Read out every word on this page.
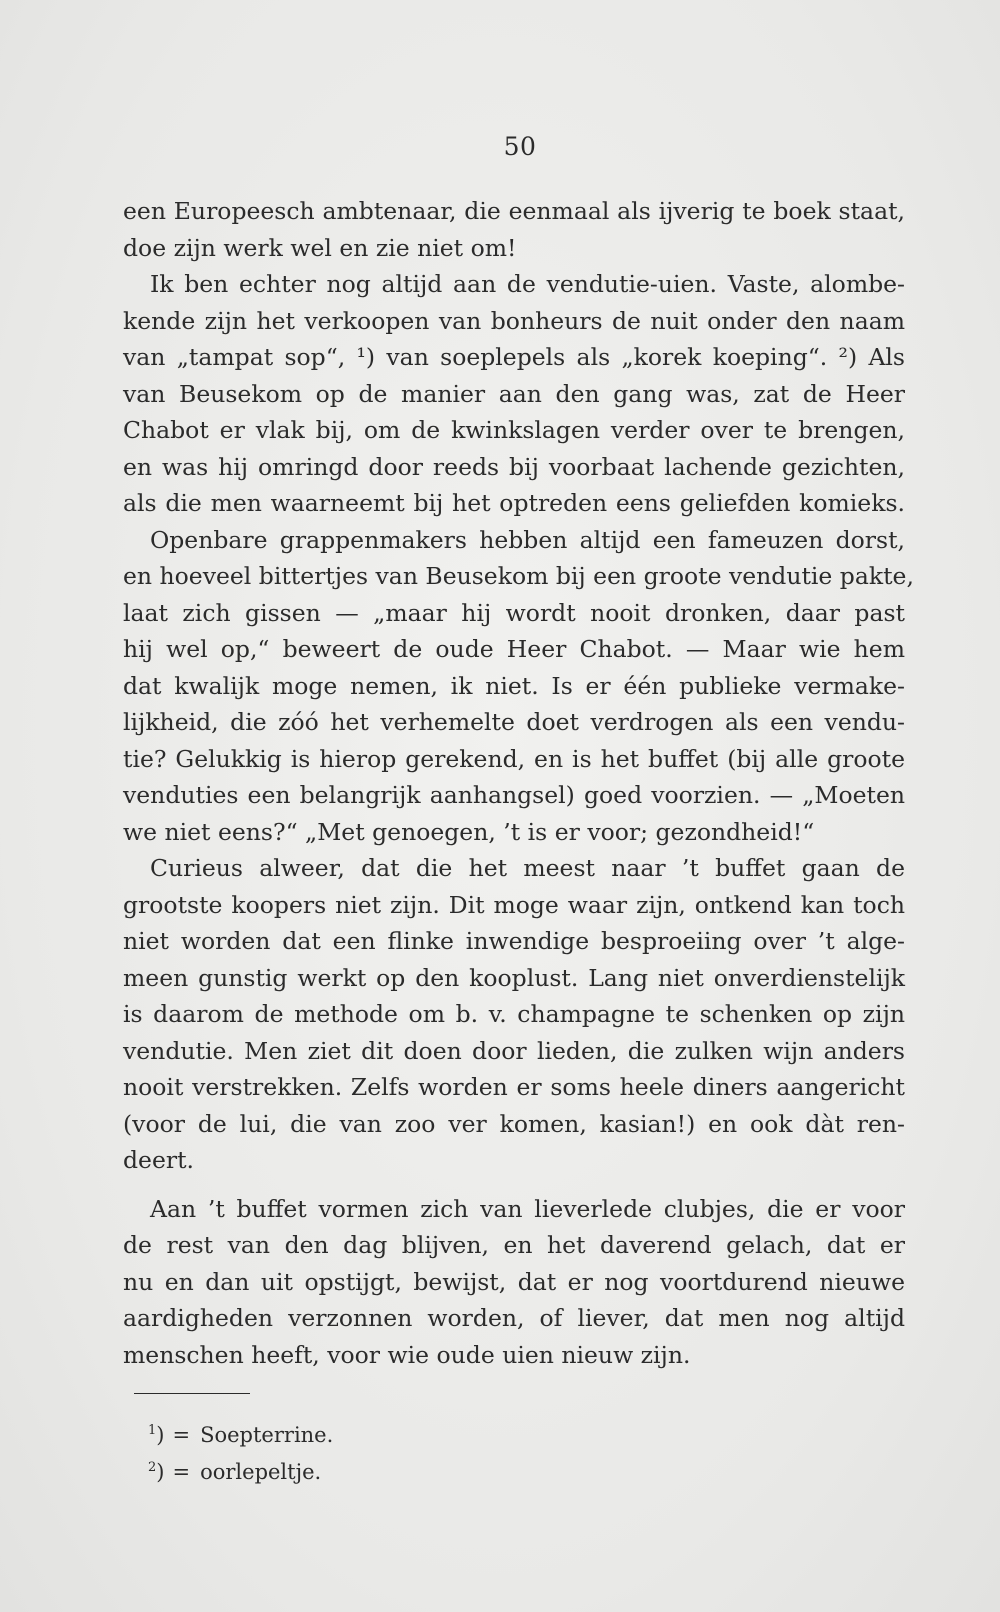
50
een Europeesch ambtenaar, die eenmaal als ijverig te boek staat,
doe zijn werk wel en zie niet om!
Ik ben echter nog altijd aan de vendutie-uien. Vaste, alombe-
kende zijn het verkoopen van bonheurs de nuit onder den naam
van „tampat sop“, ¹) van soeplepels als „korek koeping“. ²) Als
van Beusekom op de manier aan den gang was, zat de Heer
Chabot er vlak bij, om de kwinkslagen verder over te brengen,
en was hij omringd door reeds bij voorbaat lachende gezichten,
als die men waarneemt bij het optreden eens geliefden komieks.
Openbare grappenmakers hebben altijd een fameuzen dorst,
en hoeveel bittertjes van Beusekom bij een groote vendutie pakte,
laat zich gissen — „maar hij wordt nooit dronken, daar past
hij wel op,“ beweert de oude Heer Chabot. — Maar wie hem
dat kwalijk moge nemen, ik niet. Is er één publieke vermake-
lijkheid, die zóó het verhemelte doet verdrogen als een vendu-
tie? Gelukkig is hierop gerekend, en is het buffet (bij alle groote
venduties een belangrijk aanhangsel) goed voorzien. — „Moeten
we niet eens?“ „Met genoegen, ’t is er voor; gezondheid!“
Curieus alweer, dat die het meest naar ’t buffet gaan de
grootste koopers niet zijn. Dit moge waar zijn, ontkend kan toch
niet worden dat een flinke inwendige besproeiing over ’t alge-
meen gunstig werkt op den kooplust. Lang niet onverdienstelijk
is daarom de methode om b. v. champagne te schenken op zijn
vendutie. Men ziet dit doen door lieden, die zulken wijn anders
nooit verstrekken. Zelfs worden er soms heele diners aangericht
(voor de lui, die van zoo ver komen, kasian!) en ook dàt ren-
deert.
Aan ’t buffet vormen zich van lieverlede clubjes, die er voor
de rest van den dag blijven, en het daverend gelach, dat er
nu en dan uit opstijgt, bewijst, dat er nog voortdurend nieuwe
aardigheden verzonnen worden, of liever, dat men nog altijd
menschen heeft, voor wie oude uien nieuw zijn.
$^1$) = Soepterrine.
$^2$) = oorlepeltje.
